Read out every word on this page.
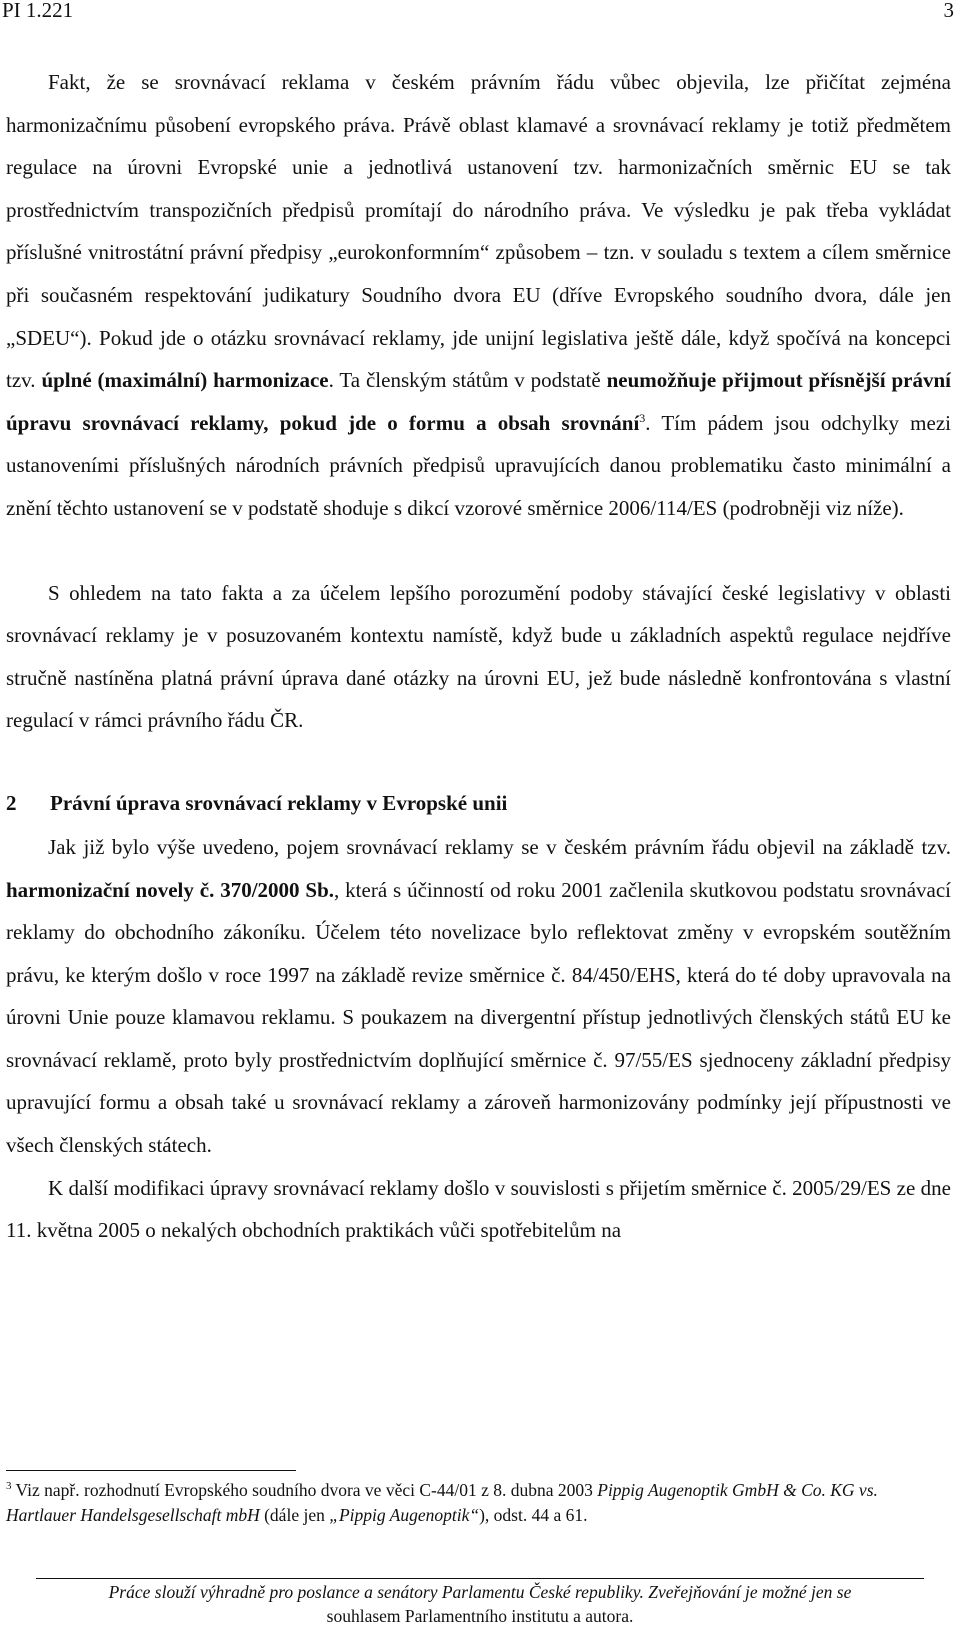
PI 1.221	3

Fakt, že se srovnávací reklama v českém právním řádu vůbec objevila, lze přičítat zejména harmonizačnímu působení evropského práva. Právě oblast klamavé a srovnávací reklamy je totiž předmětem regulace na úrovni Evropské unie a jednotlivá ustanovení tzv. harmonizačních směrnic EU se tak prostřednictvím transpozičních předpisů promítají do národního práva. Ve výsledku je pak třeba vykládat příslušné vnitrostátní právní předpisy „eurokonformním“ způsobem – tzn. v souladu s textem a cílem směrnice při současném respektování judikatury Soudního dvora EU (dříve Evropského soudního dvora, dále jen „SDEU“). Pokud jde o otázku srovnávací reklamy, jde unijní legislativa ještě dále, když spočívá na koncepci tzv. úplné (maximální) harmonizace. Ta členským státům v podstatě neumožňuje přijmout přísnější právní úpravu srovnávací reklamy, pokud jde o formu a obsah srovnání$^3$. Tím pádem jsou odchylky mezi ustanoveními příslušných národních právních předpisů upravujících danou problematiku často minimální a znění těchto ustanovení se v podstatě shoduje s dikcí vzorové směrnice 2006/114/ES (podrobněji viz níže).

S ohledem na tato fakta a za účelem lepšího porozumění podoby stávající české legislativy v oblasti srovnávací reklamy je v posuzovaném kontextu namístě, když bude u základních aspektů regulace nejdříve stručně nastíněna platná právní úprava dané otázky na úrovni EU, jež bude následně konfrontována s vlastní regulací v rámci právního řádu ČR.

2	Právní úprava srovnávací reklamy v Evropské unii

Jak již bylo výše uvedeno, pojem srovnávací reklamy se v českém právním řádu objevil na základě tzv. harmonizační novely č. 370/2000 Sb., která s účinností od roku 2001 začlenila skutkovou podstatu srovnávací reklamy do obchodního zákoníku. Účelem této novelizace bylo reflektovat změny v evropském soutěžním právu, ke kterým došlo v roce 1997 na základě revize směrnice č. 84/450/EHS, která do té doby upravovala na úrovni Unie pouze klamavou reklamu. S poukazem na divergentní přístup jednotlivých členských států EU ke srovnávací reklamě, proto byly prostřednictvím doplňující směrnice č. 97/55/ES sjednoceny základní předpisy upravující formu a obsah také u srovnávací reklamy a zároveň harmonizovány podmínky její přípustnosti ve všech členských státech.

K další modifikaci úpravy srovnávací reklamy došlo v souvislosti s přijetím směrnice č. 2005/29/ES ze dne 11. května 2005 o nekalých obchodních praktikách vůči spotřebitelům na

$^3$ Viz např. rozhodnutí Evropského soudního dvora ve věci C-44/01 z 8. dubna 2003 Pippig Augenoptik GmbH & Co. KG vs. Hartlauer Handelsgesellschaft mbH (dále jen „Pippig Augenoptik“), odst. 44 a 61.
Práce slouží výhradně pro poslance a senátory Parlamentu České republiky. Zveřejňování je možné jen se
souhlasem Parlamentního institutu a autora.
